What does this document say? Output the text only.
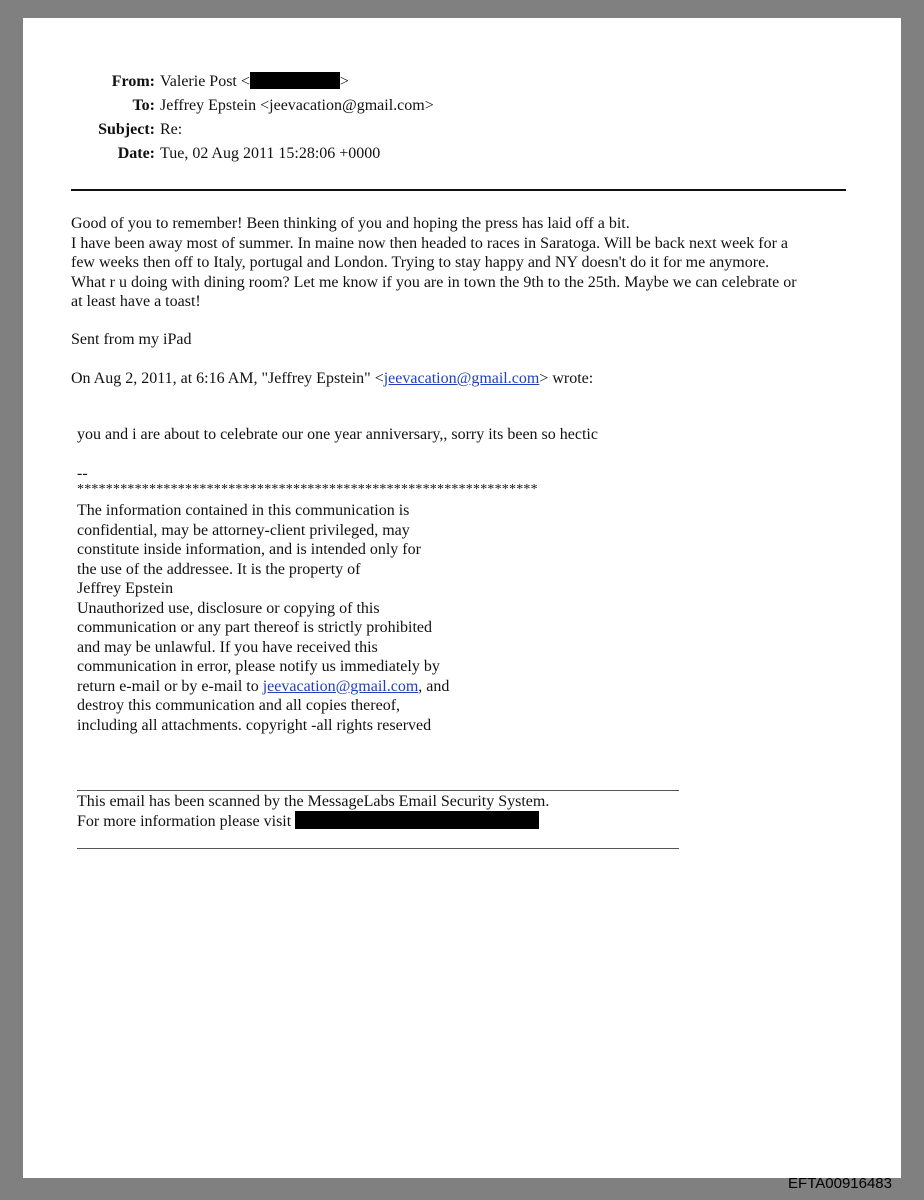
From: Valerie Post <	>
To: Jeffrey Epstein <jeevacation@gmail.com>
Subject: Re:
Date: Tue, 02 Aug 2011 15:28:06 +0000
Good of you to remember! Been thinking of you and hoping the press has laid off a bit.
I have been away most of summer. In maine now then headed to races in Saratoga. Will be back next week for a
few weeks then off to Italy, portugal and London. Trying to stay happy and NY doesn't do it for me anymore.
What r u doing with dining room? Let me know if you are in town the 9th to the 25th. Maybe we can celebrate or
at least have a toast!
Sent from my iPad
On Aug 2, 2011, at 6:16 AM, "Jeffrey Epstein" <jeevacation@gmail.com> wrote:
you and i are about to celebrate our one year anniversary,, sorry its been so hectic
--
****************************************************************
The information contained in this communication is
confidential, may be attorney-client privileged, may
constitute inside information, and is intended only for
the use of the addressee. It is the property of
Jeffrey Epstein
Unauthorized use, disclosure or copying of this
communication or any part thereof is strictly prohibited
and may be unlawful. If you have received this
communication in error, please notify us immediately by
return e-mail or by e-mail to jeevacation@gmail.com, and
destroy this communication and all copies thereof,
including all attachments. copyright -all rights reserved
This email has been scanned by the MessageLabs Email Security System.
For more information please visit
EFTA00916483
